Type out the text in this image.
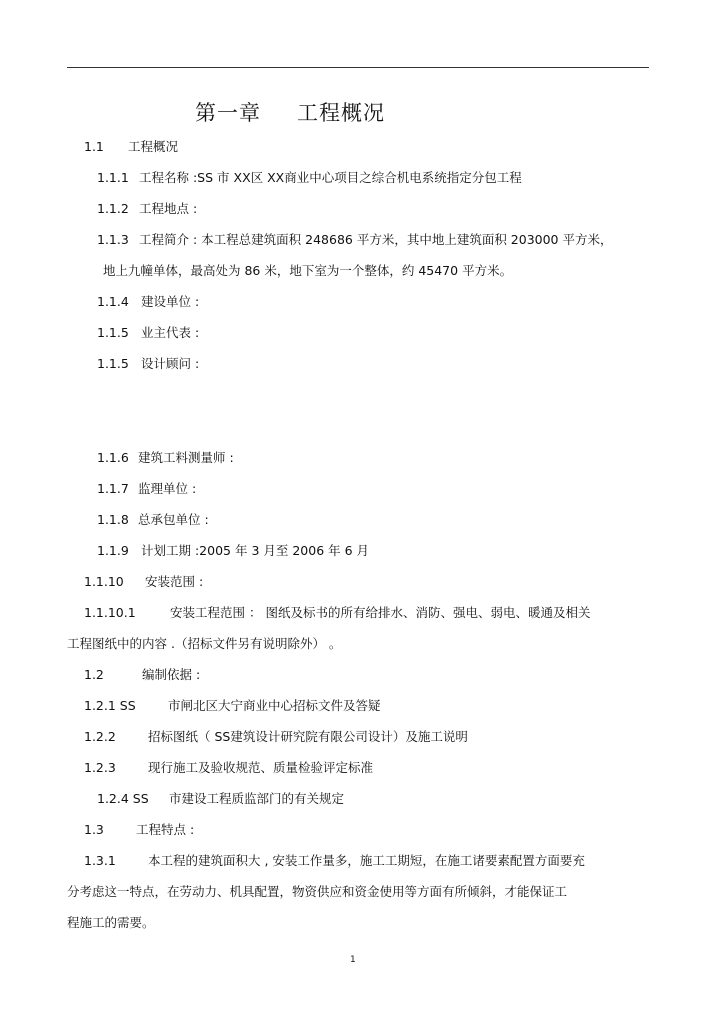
第一章 工程概况
1.1 工程概况
1.1.1 工程名称 :SS 市 XX区 XX商业中心项目之综合机电系统指定分包工程
1.1.2 工程地点 :
1.1.3 工程简介 : 本工程总建筑面积 248686 平方米，其中地上建筑面积 203000 平方米，
地上九幢单体，最高处为 86 米，地下室为一个整体，约 45470 平方米。
1.1.4 建设单位 :
1.1.5 业主代表 :
1.1.5 设计顾问 :
1.1.6 建筑工料测量师 :
1.1.7 监理单位 :
1.1.8 总承包单位 :
1.1.9 计划工期 :2005 年 3 月至 2006 年 6 月
1.1.10 安装范围 :
1.1.10.1	安装工程范围 ： 图纸及标书的所有给排水、消防、强电、弱电、暖通及相关
工程图纸中的内容 .（招标文件另有说明除外） 。
1.2	编制依据 :
1.2.1 SS	市闸北区大宁商业中心招标文件及答疑
1.2.2	招标图纸（ SS建筑设计研究院有限公司设计）及施工说明
1.2.3	现行施工及验收规范、质量检验评定标准
1.2.4 SS 市建设工程质监部门的有关规定
1.3	工程特点 :
1.3.1	本工程的建筑面积大 , 安装工作量多，施工工期短，在施工诸要素配置方面要充
分考虑这一特点，在劳动力、机具配置，物资供应和资金使用等方面有所倾斜，才能保证工
程施工的需要。
1
